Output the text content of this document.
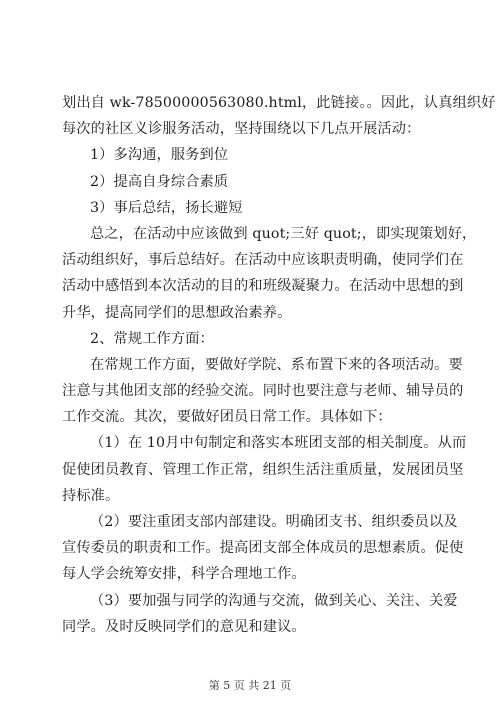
划出自 wk-78500000563080.html，此链接。。因此，认真组织好
每次的社区义诊服务活动，坚持围绕以下几点开展活动：
1）多沟通，服务到位
2）提高自身综合素质
3）事后总结，扬长避短
总之，在活动中应该做到 quot;三好 quot;，即实现策划好，
活动组织好，事后总结好。在活动中应该职责明确，使同学们在
活动中感悟到本次活动的目的和班级凝聚力。在活动中思想的到
升华，提高同学们的思想政治素养。
2、常规工作方面：
在常规工作方面，要做好学院、系布置下来的各项活动。要
注意与其他团支部的经验交流。同时也要注意与老师、辅导员的
工作交流。其次，要做好团员日常工作。具体如下：
（1）在 10月中旬制定和落实本班团支部的相关制度。从而
促使团员教育、管理工作正常，组织生活注重质量，发展团员坚
持标准。
（2）要注重团支部内部建设。明确团支书、组织委员以及
宣传委员的职责和工作。提高团支部全体成员的思想素质。促使
每人学会统筹安排，科学合理地工作。
（3）要加强与同学的沟通与交流，做到关心、关注、关爱
同学。及时反映同学们的意见和建议。
第 5 页 共 21 页
